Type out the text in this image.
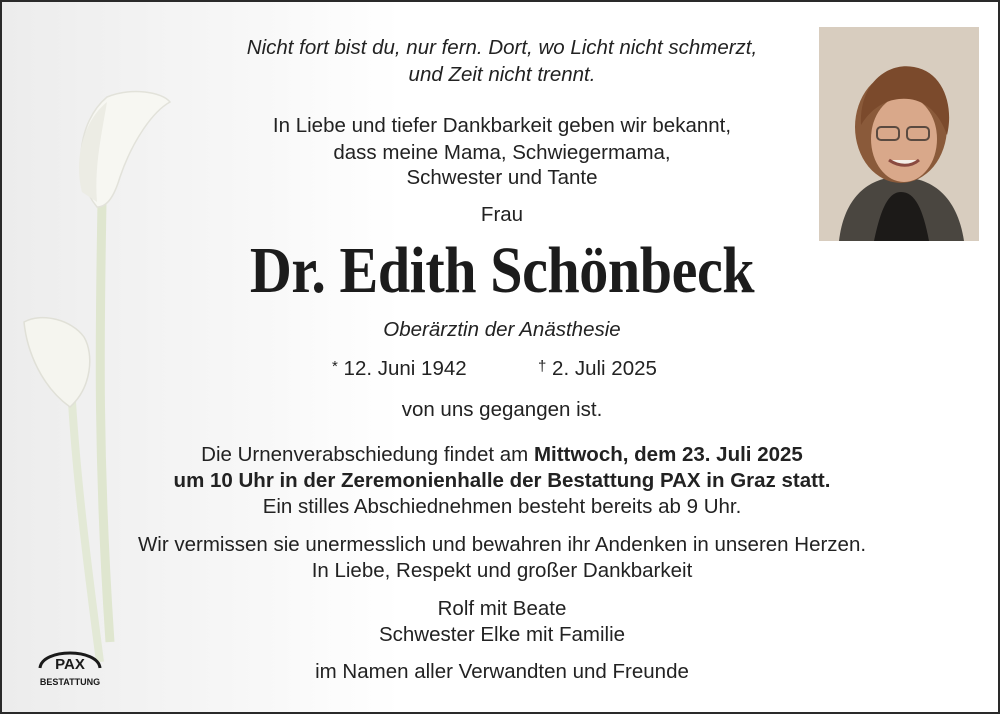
Nicht fort bist du, nur fern. Dort, wo Licht nicht schmerzt,
und Zeit nicht trennt.
In Liebe und tiefer Dankbarkeit geben wir bekannt,
dass meine Mama, Schwiegermama,
Schwester und Tante
Frau
Dr. Edith Schönbeck
Oberärztin der Anästhesie
* 12. Juni 1942	† 2. Juli 2025
von uns gegangen ist.
Die Urnenverabschiedung findet am Mittwoch, dem 23. Juli 2025
um 10 Uhr in der Zeremonienhalle der Bestattung PAX in Graz statt.
Ein stilles Abschiednehmen besteht bereits ab 9 Uhr.
Wir vermissen sie unermesslich und bewahren ihr Andenken in unseren Herzen.
In Liebe, Respekt und großer Dankbarkeit
Rolf mit Beate
Schwester Elke mit Familie
im Namen aller Verwandten und Freunde
PAX
BESTATTUNG
